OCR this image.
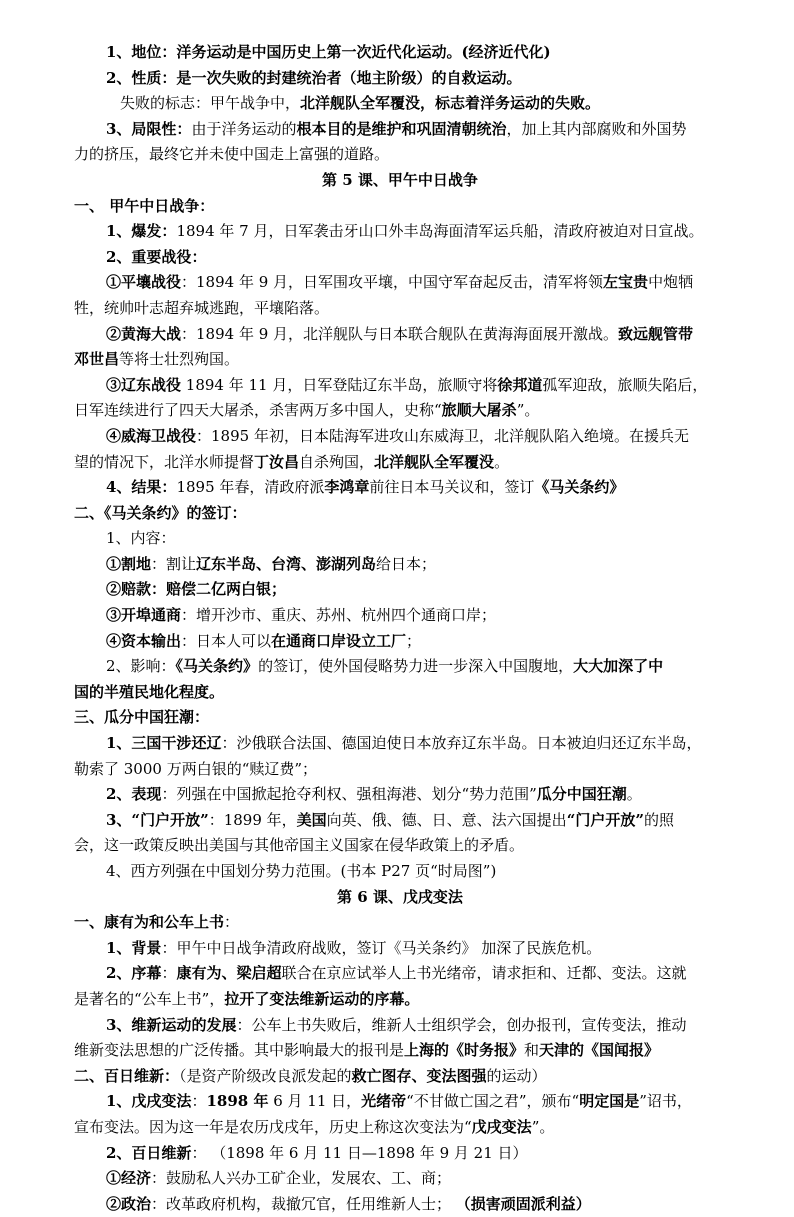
1、地位：洋务运动是中国历史上第一次近代化运动。(经济近代化)
2、性质：是一次失败的封建统治者（地主阶级）的自救运动。
失败的标志：甲午战争中，北洋舰队全军覆没，标志着洋务运动的失败。
3、局限性：由于洋务运动的根本目的是维护和巩固清朝统治，加上其内部腐败和外国势
力的挤压，最终它并未使中国走上富强的道路。
第 5 课、甲午中日战争
一、 甲午中日战争：
1、爆发：1894 年 7 月，日军袭击牙山口外丰岛海面清军运兵船，清政府被迫对日宣战。
2、重要战役：
①平壤战役：1894 年 9 月，日军围攻平壤，中国守军奋起反击，清军将领左宝贵中炮牺
牲，统帅叶志超弃城逃跑，平壤陷落。
②黄海大战：1894 年 9 月，北洋舰队与日本联合舰队在黄海海面展开激战。致远舰管带
邓世昌等将士壮烈殉国。
③辽东战役 1894 年 11 月，日军登陆辽东半岛，旅顺守将徐邦道孤军迎敌，旅顺失陷后，
日军连续进行了四天大屠杀，杀害两万多中国人，史称“旅顺大屠杀”。
④威海卫战役：1895 年初，日本陆海军进攻山东威海卫，北洋舰队陷入绝境。在援兵无
望的情况下，北洋水师提督丁汝昌自杀殉国，北洋舰队全军覆没。
4、结果：1895 年春，清政府派李鸿章前往日本马关议和，签订《马关条约》
二、《马关条约》的签订：
1、内容：
①割地：割让辽东半岛、台湾、澎湖列岛给日本；
②赔款：赔偿二亿两白银；
③开埠通商：增开沙市、重庆、苏州、杭州四个通商口岸；
④资本输出：日本人可以在通商口岸设立工厂；
2、影响：《马关条约》的签订，使外国侵略势力进一步深入中国腹地，大大加深了中
国的半殖民地化程度。
三、瓜分中国狂潮：
1、三国干涉还辽：沙俄联合法国、德国迫使日本放弃辽东半岛。日本被迫归还辽东半岛，
勒索了 3000 万两白银的“赎辽费”；
2、表现：列强在中国掀起抢夺利权、强租海港、划分“势力范围”瓜分中国狂潮。
3、“门户开放”：1899 年，美国向英、俄、德、日、意、法六国提出“门户开放”的照
会，这一政策反映出美国与其他帝国主义国家在侵华政策上的矛盾。
4、西方列强在中国划分势力范围。(书本 P27 页“时局图”)
第 6 课、戊戌变法
一、康有为和公车上书：
1、背景：甲午中日战争清政府战败，签订《马关条约》 加深了民族危机。
2、序幕：康有为、梁启超联合在京应试举人上书光绪帝，请求拒和、迁都、变法。这就
是著名的“公车上书”，拉开了变法维新运动的序幕。
3、维新运动的发展：公车上书失败后，维新人士组织学会，创办报刊，宣传变法，推动
维新变法思想的广泛传播。其中影响最大的报刊是上海的《时务报》和天津的《国闻报》
二、百日维新：（是资产阶级改良派发起的救亡图存、变法图强的运动）
1、戊戌变法：1898 年 6 月 11 日，光绪帝“不甘做亡国之君”，颁布“明定国是”诏书，
宣布变法。因为这一年是农历戊戌年，历史上称这次变法为“戊戌变法”。
2、百日维新： （1898 年 6 月 11 日—1898 年 9 月 21 日）
①经济：鼓励私人兴办工矿企业，发展农、工、商；
②政治：改革政府机构，裁撤冗官，任用维新人士； （损害顽固派利益）
